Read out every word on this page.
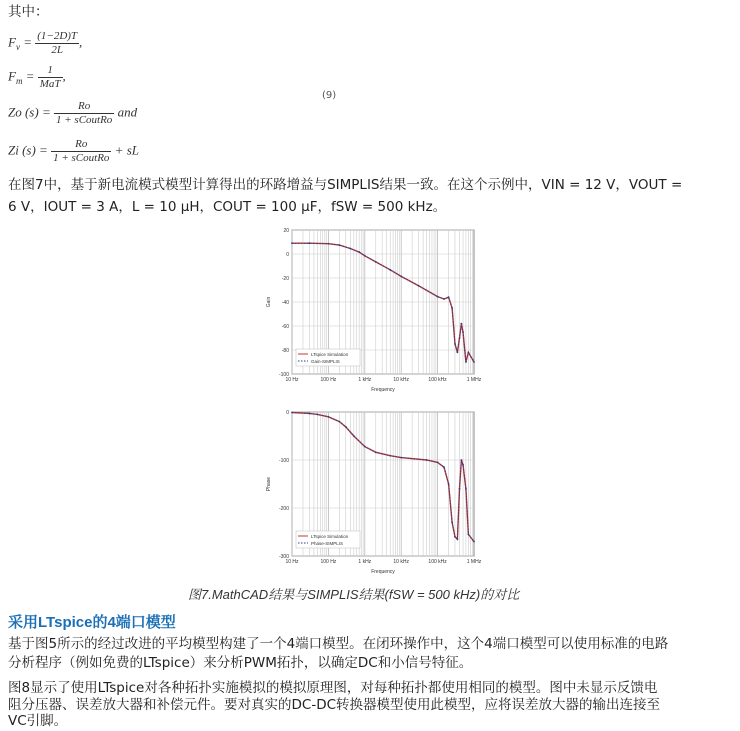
其中：
$F_v = \frac{(1-2D)T}{2L}$ ,
$F_m = \frac{1}{\text{MaT}}$ ,
Zo $(s) = \frac{Ro}{\text{1 + sCoutRo}}$ and
Zi $(s) = \frac{Ro}{\text{1 + sCoutRo}}$ + sL
(9)
在图7中，基于新电流模式模型计算得出的环路增益与SIMPLIS结果一致。在这个示例中，VIN = 12 V，VOUT =
6 V，IOUT = 3 A，L = 10 μH，COUT = 100 μF，fSW = 500 kHz。
20
0
-20
-40
-60
-80
-100
10 Hz	100 Hz	1 kHz	10 kHz	100 kHz	1 MHz
Frequency
Gain
LTspice Simulation
Gain-SIMPLIS
0
-100
-200
-300
10 Hz	100 Hz	1 kHz	10 kHz	100 kHz	1 MHz
Frequency
Phase
LTspice Simulation
Phase-SIMPLIS
图7.MathCAD结果与SIMPLIS结果(fSW = 500 kHz)的对比
采用LTspice的4端口模型
基于图5所示的经过改进的平均模型构建了一个4端口模型。在闭环操作中，这个4端口模型可以使用标准的电路
分析程序（例如免费的LTspice）来分析PWM拓扑，以确定DC和小信号特征。
图8显示了使用LTspice对各种拓扑实施模拟的模拟原理图，对每种拓扑都使用相同的模型。图中未显示反馈电
阻分压器、误差放大器和补偿元件。要对真实的DC-DC转换器模型使用此模型，应将误差放大器的输出连接至
VC引脚。
